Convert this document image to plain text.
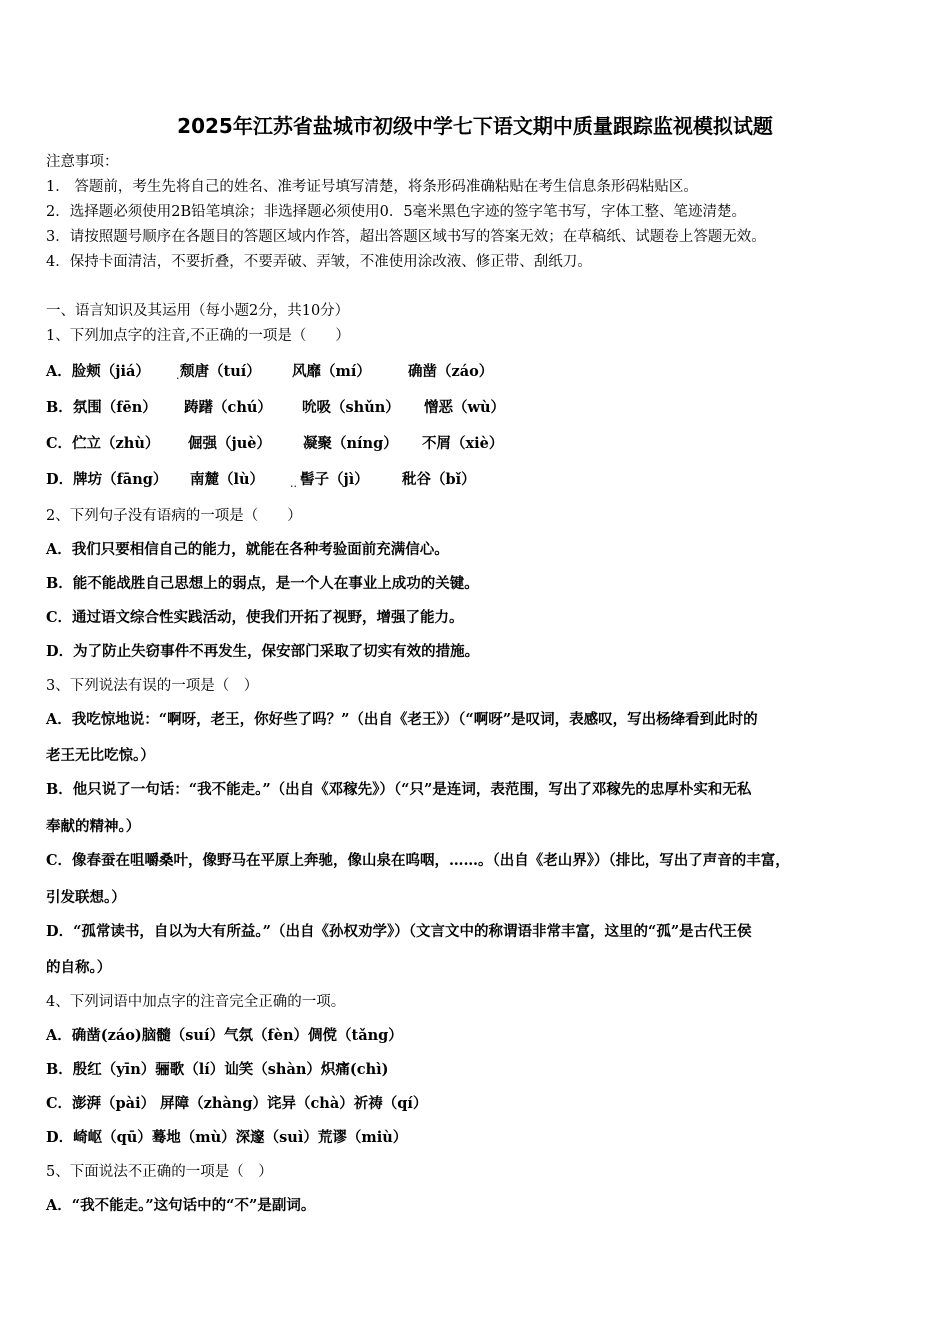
2025年江苏省盐城市初级中学七下语文期中质量跟踪监视模拟试题
注意事项：
1． 答题前，考生先将自己的姓名、准考证号填写清楚，将条形码准确粘贴在考生信息条形码粘贴区。
2．选择题必须使用2B铅笔填涂；非选择题必须使用0．5毫米黑色字迹的签字笔书写，字体工整、笔迹清楚。
3．请按照题号顺序在各题目的答题区域内作答，超出答题区域书写的答案无效；在草稿纸、试题卷上答题无效。
4．保持卡面清洁，不要折叠，不要弄破、弄皱，不准使用涂改液、修正带、刮纸刀。
一、语言知识及其运用（每小题2分，共10分）
1、下列加点字的注音,不正确的一项是（　　）
A．脸颊（jiá） 颓唐（tuí）
·	风靡（mí）	确凿（záo）
B．氛围（fēn） 踌躇（chú） 吮吸（shǔn） 憎恶（wù）
C．伫立（zhù） 倔强（juè） 凝聚（níng） 不屑（xiè）
D．牌坊（fāng） 南麓（lù） 髻子（jì）
··	秕谷（bǐ）
2、下列句子没有语病的一项是（　　）
A．我们只要相信自己的能力，就能在各种考验面前充满信心。
B．能不能战胜自己思想上的弱点，是一个人在事业上成功的关键。
C．通过语文综合性实践活动，使我们开拓了视野，增强了能力。
D．为了防止失窃事件不再发生，保安部门采取了切实有效的措施。
3、下列说法有误的一项是（　）
A．我吃惊地说：“啊呀，老王，你好些了吗？”（出自《老王》）（“啊呀”是叹词，表感叹，写出杨绛看到此时的
老王无比吃惊。）
B．他只说了一句话：“我不能走。”（出自《邓稼先》）（“只”是连词，表范围，写出了邓稼先的忠厚朴实和无私
奉献的精神。）
C．像春蚕在咀嚼桑叶，像野马在平原上奔驰，像山泉在呜咽，……。（出自《老山界》）（排比，写出了声音的丰富，
引发联想。）
D．“孤常读书，自以为大有所益。”（出自《孙权劝学》）（文言文中的称谓语非常丰富，这里的“孤”是古代王侯
的自称。）
4、下列词语中加点字的注音完全正确的一项。
A．确凿(záo)脑髓（suí）气氛（fèn）倜傥（tǎng）
B．殷红（yīn）骊歌（lí）讪笑（shàn）炽痛(chì)
C．澎湃（pài） 屏障（zhàng）诧异（chà）祈祷（qí）
D．崎岖（qū）蓦地（mù）深邃（suì）荒谬（miù）
5、下面说法不正确的一项是（　）
A．“我不能走。”这句话中的“不”是副词。
